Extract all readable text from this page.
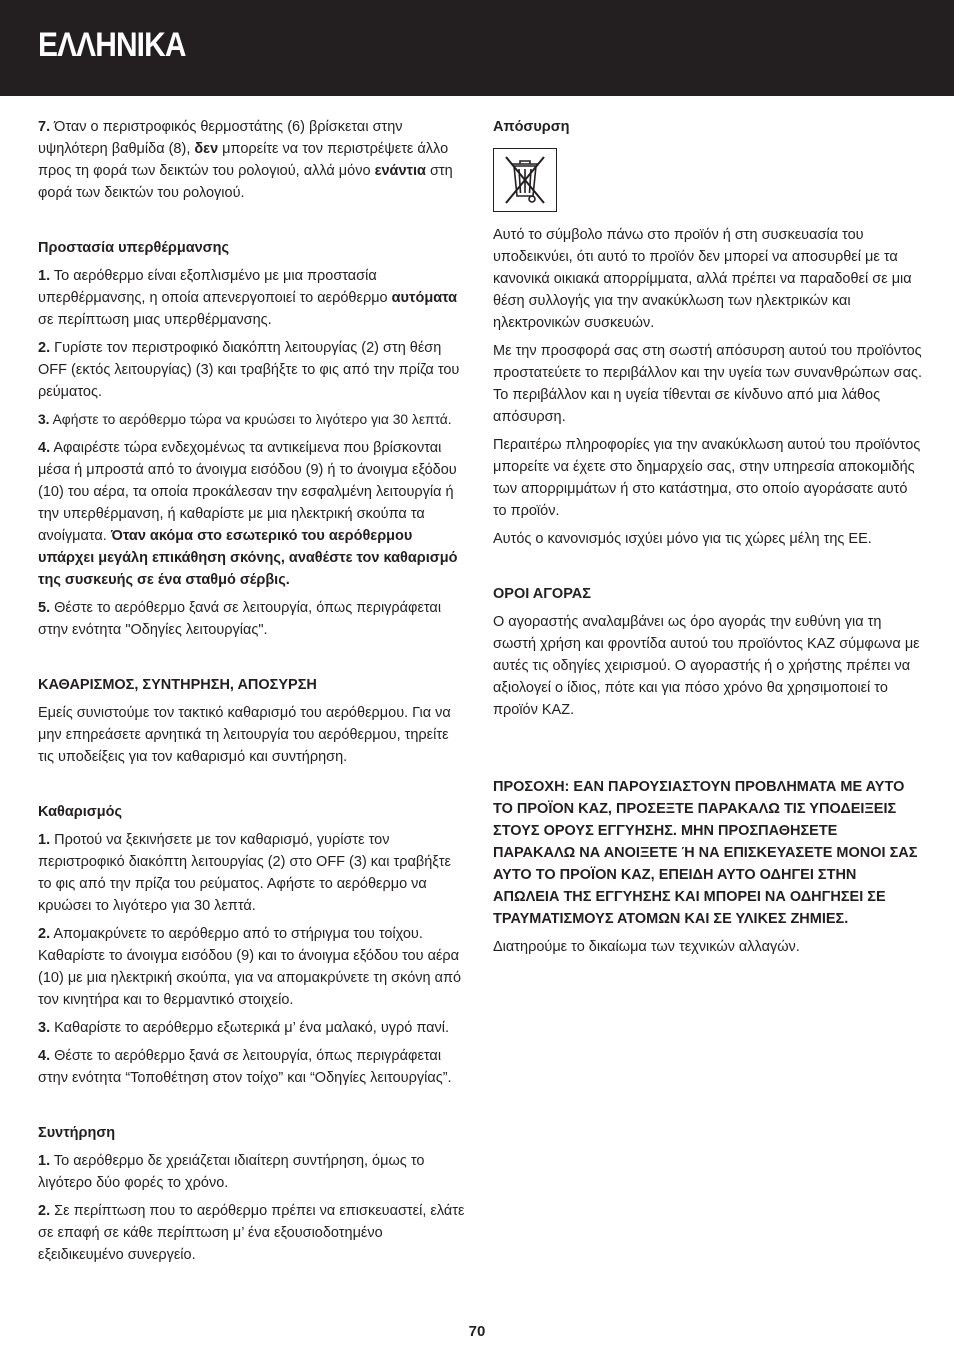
ΕΛΛΗΝΙΚΑ

7. Όταν ο περιστροφικός θερμοστάτης (6) βρίσκεται στην υψηλότερη βαθμίδα (8), δεν μπορείτε να τον περιστρέψετε άλλο προς τη φορά των δεικτών του ρολογιού, αλλά μόνο ενάντια στη φορά των δεικτών του ρολογιού.

Προστασία υπερθέρμανσης

1. Το αερόθερμο είναι εξοπλισμένο με μια προστασία υπερθέρμανσης, η οποία απενεργοποιεί το αερόθερμο αυτόματα σε περίπτωση μιας υπερθέρμανσης.

2. Γυρίστε τον περιστροφικό διακόπτη λειτουργίας (2) στη θέση OFF (εκτός λειτουργίας) (3) και τραβήξτε το φις από την πρίζα του ρεύματος.

3. Αφήστε το αερόθερμο τώρα να κρυώσει το λιγότερο για 30 λεπτά.

4. Αφαιρέστε τώρα ενδεχομένως τα αντικείμενα που βρίσκονται μέσα ή μπροστά από το άνοιγμα εισόδου (9) ή το άνοιγμα εξόδου (10) του αέρα, τα οποία προκάλεσαν την εσφαλμένη λειτουργία ή την υπερθέρμανση, ή καθαρίστε με μια ηλεκτρική σκούπα τα ανοίγματα. Όταν ακόμα στο εσωτερικό του αερόθερμου υπάρχει μεγάλη επικάθηση σκόνης, αναθέστε τον καθαρισμό της συσκευής σε ένα σταθμό σέρβις.

5. Θέστε το αερόθερμο ξανά σε λειτουργία, όπως περιγράφεται στην ενότητα "Οδηγίες λειτουργίας".

ΚΑΘΑΡΙΣΜΟΣ, ΣΥΝΤΗΡΗΣΗ, ΑΠΟΣΥΡΣΗ

Εμείς συνιστούμε τον τακτικό καθαρισμό του αερόθερμου. Για να μην επηρεάσετε αρνητικά τη λειτουργία του αερόθερμου, τηρείτε τις υποδείξεις για τον καθαρισμό και συντήρηση.

Καθαρισμός

1. Προτού να ξεκινήσετε με τον καθαρισμό, γυρίστε τον περιστροφικό διακόπτη λειτουργίας (2) στο OFF (3) και τραβήξτε το φις από την πρίζα του ρεύματος. Αφήστε το αερόθερμο να κρυώσει το λιγότερο για 30 λεπτά.

2. Απομακρύνετε το αερόθερμο από το στήριγμα του τοίχου. Καθαρίστε το άνοιγμα εισόδου (9) και το άνοιγμα εξόδου του αέρα (10) με μια ηλεκτρική σκούπα, για να απομακρύνετε τη σκόνη από τον κινητήρα και το θερμαντικό στοιχείο.

3. Καθαρίστε το αερόθερμο εξωτερικά μ’ ένα μαλακό, υγρό πανί.

4. Θέστε το αερόθερμο ξανά σε λειτουργία, όπως περιγράφεται στην ενότητα “Τοποθέτηση στον τοίχο” και “Οδηγίες λειτουργίας”.

Συντήρηση

1. Το αερόθερμο δε χρειάζεται ιδιαίτερη συντήρηση, όμως το λιγότερο δύο φορές το χρόνο.

2. Σε περίπτωση που το αερόθερμο πρέπει να επισκευαστεί, ελάτε σε επαφή σε κάθε περίπτωση μ’ ένα εξουσιοδοτημένο εξειδικευμένο συνεργείο.

Απόσυρση

Αυτό το σύμβολο πάνω στο προϊόν ή στη συσκευασία του υποδεικνύει, ότι αυτό το προϊόν δεν μπορεί να αποσυρθεί με τα κανονικά οικιακά απορρίμματα, αλλά πρέπει να παραδοθεί σε μια θέση συλλογής για την ανακύκλωση των ηλεκτρικών και ηλεκτρονικών συσκευών.

Με την προσφορά σας στη σωστή απόσυρση αυτού του προϊόντος προστατεύετε το περιβάλλον και την υγεία των συνανθρώπων σας. Το περιβάλλον και η υγεία τίθενται σε κίνδυνο από μια λάθος απόσυρση.

Περαιτέρω πληροφορίες για την ανακύκλωση αυτού του προϊόντος μπορείτε να έχετε στο δημαρχείο σας, στην υπηρεσία αποκομιδής των απορριμμάτων ή στο κατάστημα, στο οποίο αγοράσατε αυτό το προϊόν.

Αυτός ο κανονισμός ισχύει μόνο για τις χώρες μέλη της ΕΕ.

ΟΡΟΙ ΑΓΟΡΑΣ

Ο αγοραστής αναλαμβάνει ως όρο αγοράς την ευθύνη για τη σωστή χρήση και φροντίδα αυτού του προϊόντος KAZ σύμφωνα με αυτές τις οδηγίες χειρισμού. Ο αγοραστής ή ο χρήστης πρέπει να αξιολογεί ο ίδιος, πότε και για πόσο χρόνο θα χρησιμοποιεί το προϊόν KAZ.

ΠΡΟΣΟΧΗ: ΕΑΝ ΠΑΡΟΥΣΙΑΣΤΟΥΝ ΠΡΟΒΛΗΜΑΤΑ ΜΕ ΑΥΤΟ ΤΟ ΠΡΟΪΟΝ KAZ, ΠΡΟΣΕΞΤΕ ΠΑΡΑΚΑΛΩ ΤΙΣ ΥΠΟΔΕΙΞΕΙΣ ΣΤΟΥΣ ΟΡΟΥΣ ΕΓΓΥΗΣΗΣ. ΜΗΝ ΠΡΟΣΠΑΘΗΣΕΤΕ ΠΑΡΑΚΑΛΩ ΝΑ ΑΝΟΙΞΕΤΕ Ή ΝΑ ΕΠΙΣΚΕΥΑΣΕΤΕ ΜΟΝΟΙ ΣΑΣ ΑΥΤΟ ΤΟ ΠΡΟΪΟΝ KAZ, ΕΠΕΙΔΗ ΑΥΤΟ ΟΔΗΓΕΙ ΣΤΗΝ ΑΠΩΛΕΙΑ ΤΗΣ ΕΓΓΥΗΣΗΣ ΚΑΙ ΜΠΟΡΕΙ ΝΑ ΟΔΗΓΗΣΕΙ ΣΕ ΤΡΑΥΜΑΤΙΣΜΟΥΣ ΑΤΟΜΩΝ ΚΑΙ ΣΕ ΥΛΙΚΕΣ ΖΗΜΙΕΣ.

Διατηρούμε το δικαίωμα των τεχνικών αλλαγών.

70
